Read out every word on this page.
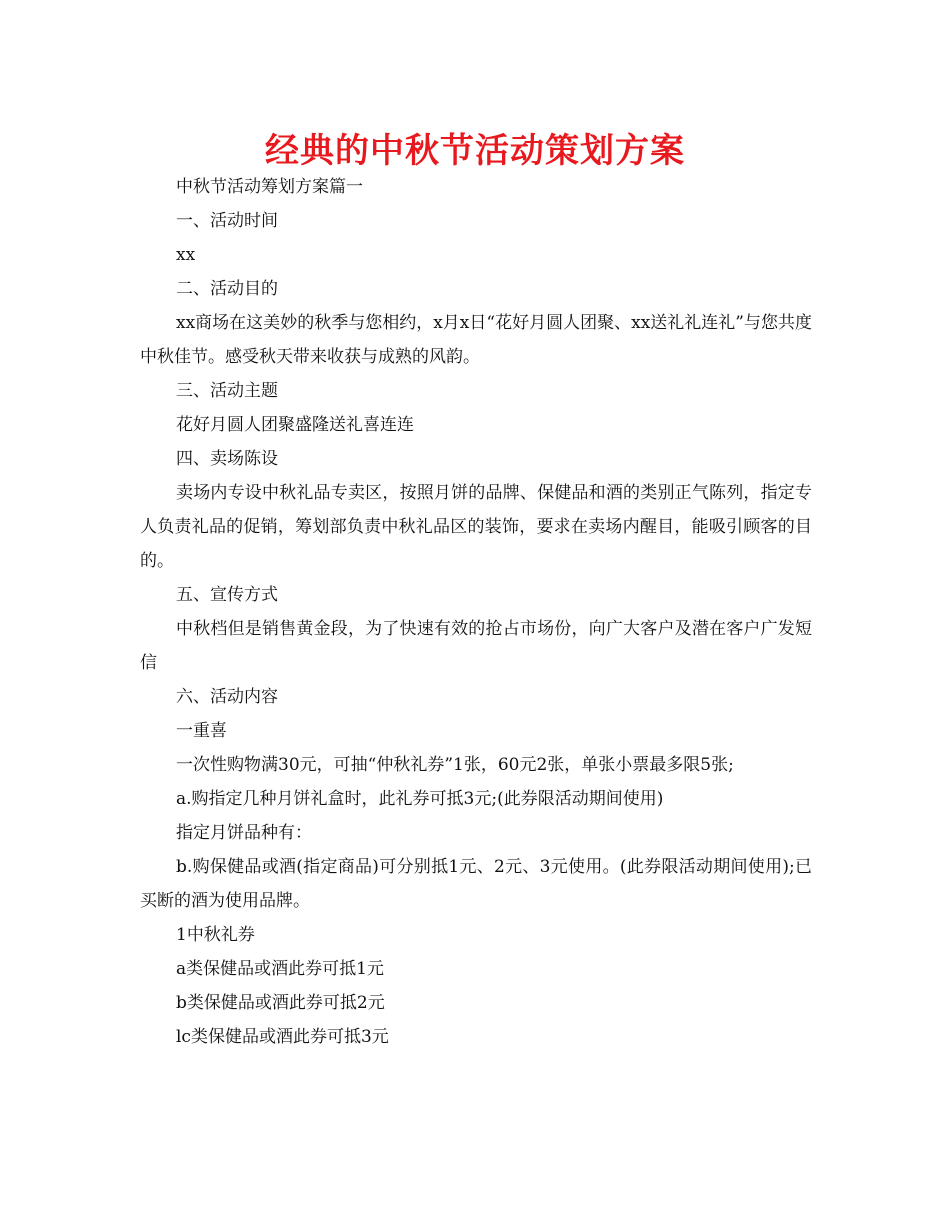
经典的中秋节活动策划方案

中秋节活动筹划方案篇一

一、活动时间

xx

二、活动目的

xx商场在这美妙的秋季与您相约，x月x日“花好月圆人团聚、xx送礼礼连礼”与您共度中秋佳节。感受秋天带来收获与成熟的风韵。

三、活动主题

花好月圆人团聚盛隆送礼喜连连

四、卖场陈设

卖场内专设中秋礼品专卖区，按照月饼的品牌、保健品和酒的类别正气陈列，指定专人负责礼品的促销，筹划部负责中秋礼品区的装饰，要求在卖场内醒目，能吸引顾客的目的。

五、宣传方式

中秋档但是销售黄金段，为了快速有效的抢占市场份，向广大客户及潜在客户广发短信

六、活动内容

一重喜

一次性购物满30元，可抽“仲秋礼券”1张，60元2张，单张小票最多限5张;

a.购指定几种月饼礼盒时，此礼券可抵3元;(此券限活动期间使用)

指定月饼品种有：

b.购保健品或酒(指定商品)可分别抵1元、2元、3元使用。(此券限活动期间使用);已买断的酒为使用品牌。

1中秋礼券

a类保健品或酒此券可抵1元

b类保健品或酒此券可抵2元

lc类保健品或酒此券可抵3元
